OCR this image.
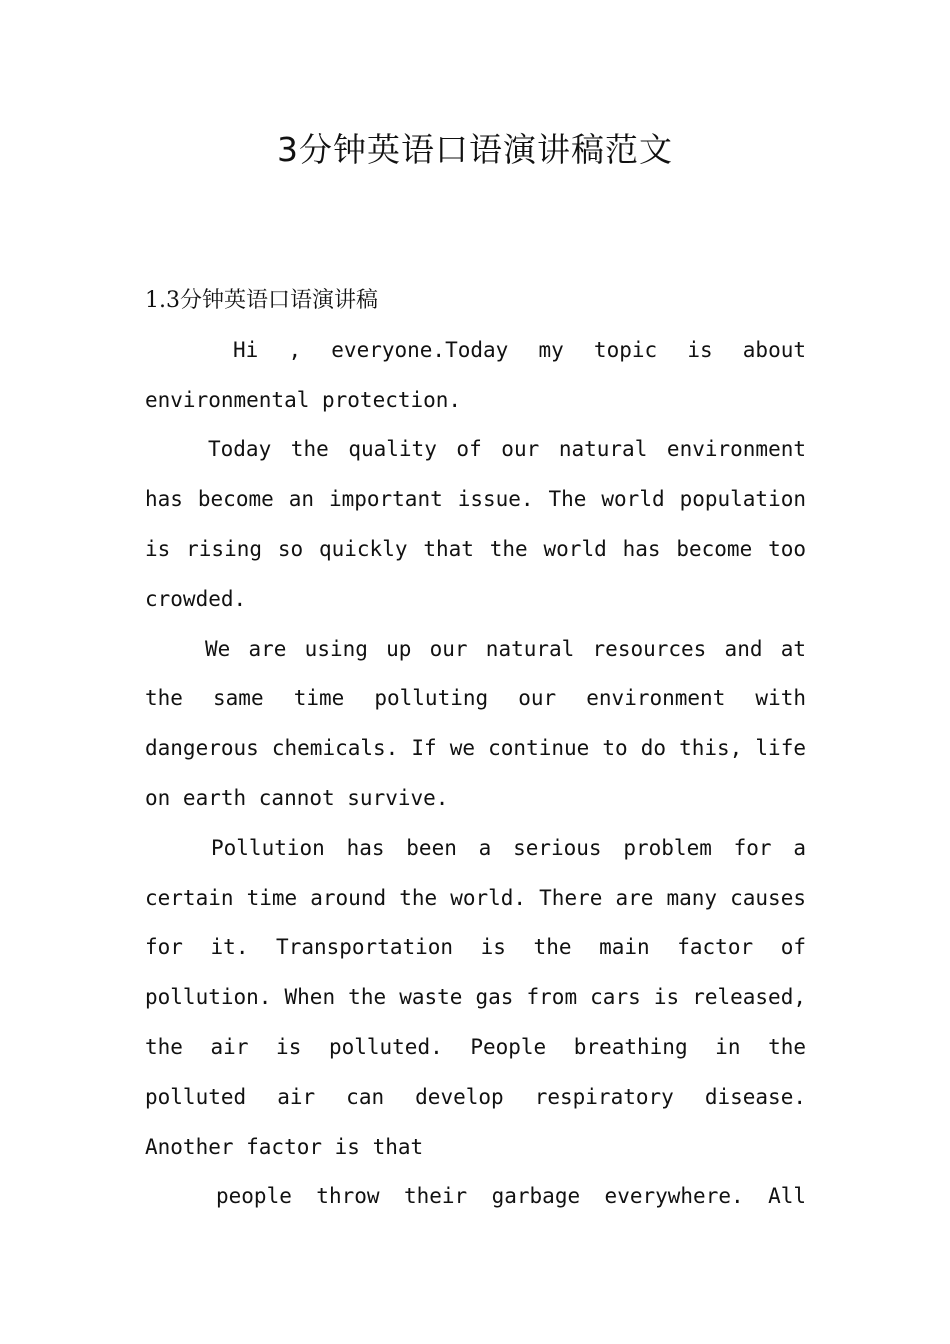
3分钟英语口语演讲稿范文
1.3分钟英语口语演讲稿

Hi , everyone.Today my topic is about environmental protection.

Today the quality of our natural environment has become an important issue. The world population is rising so quickly that the world has become too crowded.

We are using up our natural resources and at the same time polluting our environment with dangerous chemicals. If we continue to do this, life on earth cannot survive.

Pollution has been a serious problem for a certain time around the world. There are many causes for it. Transportation is the main factor of pollution. When the waste gas from cars is released, the air is polluted. People breathing in the polluted air can develop respiratory disease. Another factor is that

people throw their garbage everywhere. All
